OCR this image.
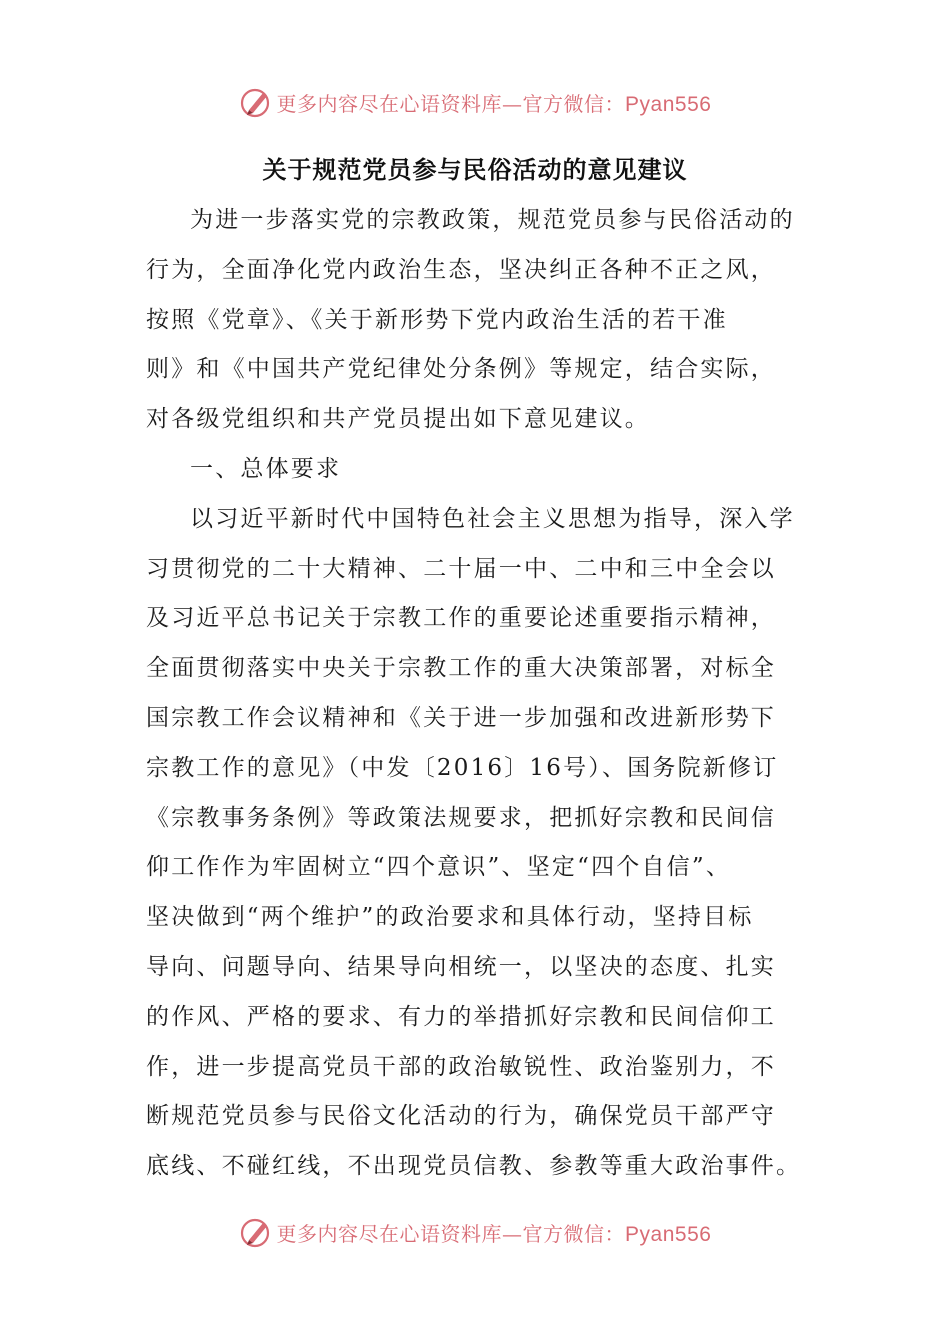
更多内容尽在心语资料库—官方微信：Pyan556
关于规范党员参与民俗活动的意见建议
为进一步落实党的宗教政策，规范党员参与民俗活动的
行为，全面净化党内政治生态，坚决纠正各种不正之风，
按照《党章》、《关于新形势下党内政治生活的若干准
则》和《中国共产党纪律处分条例》等规定，结合实际，
对各级党组织和共产党员提出如下意见建议。
一、总体要求
以习近平新时代中国特色社会主义思想为指导，深入学
习贯彻党的二十大精神、二十届一中、二中和三中全会以
及习近平总书记关于宗教工作的重要论述重要指示精神，
全面贯彻落实中央关于宗教工作的重大决策部署，对标全
国宗教工作会议精神和《关于进一步加强和改进新形势下
宗教工作的意见》（中发〔2016〕16号）、国务院新修订
《宗教事务条例》等政策法规要求，把抓好宗教和民间信
仰工作作为牢固树立“四个意识”、坚定“四个自信”、
坚决做到“两个维护”的政治要求和具体行动，坚持目标
导向、问题导向、结果导向相统一，以坚决的态度、扎实
的作风、严格的要求、有力的举措抓好宗教和民间信仰工
作，进一步提高党员干部的政治敏锐性、政治鉴别力，不
断规范党员参与民俗文化活动的行为，确保党员干部严守
底线、不碰红线，不出现党员信教、参教等重大政治事件。
更多内容尽在心语资料库—官方微信：Pyan556
